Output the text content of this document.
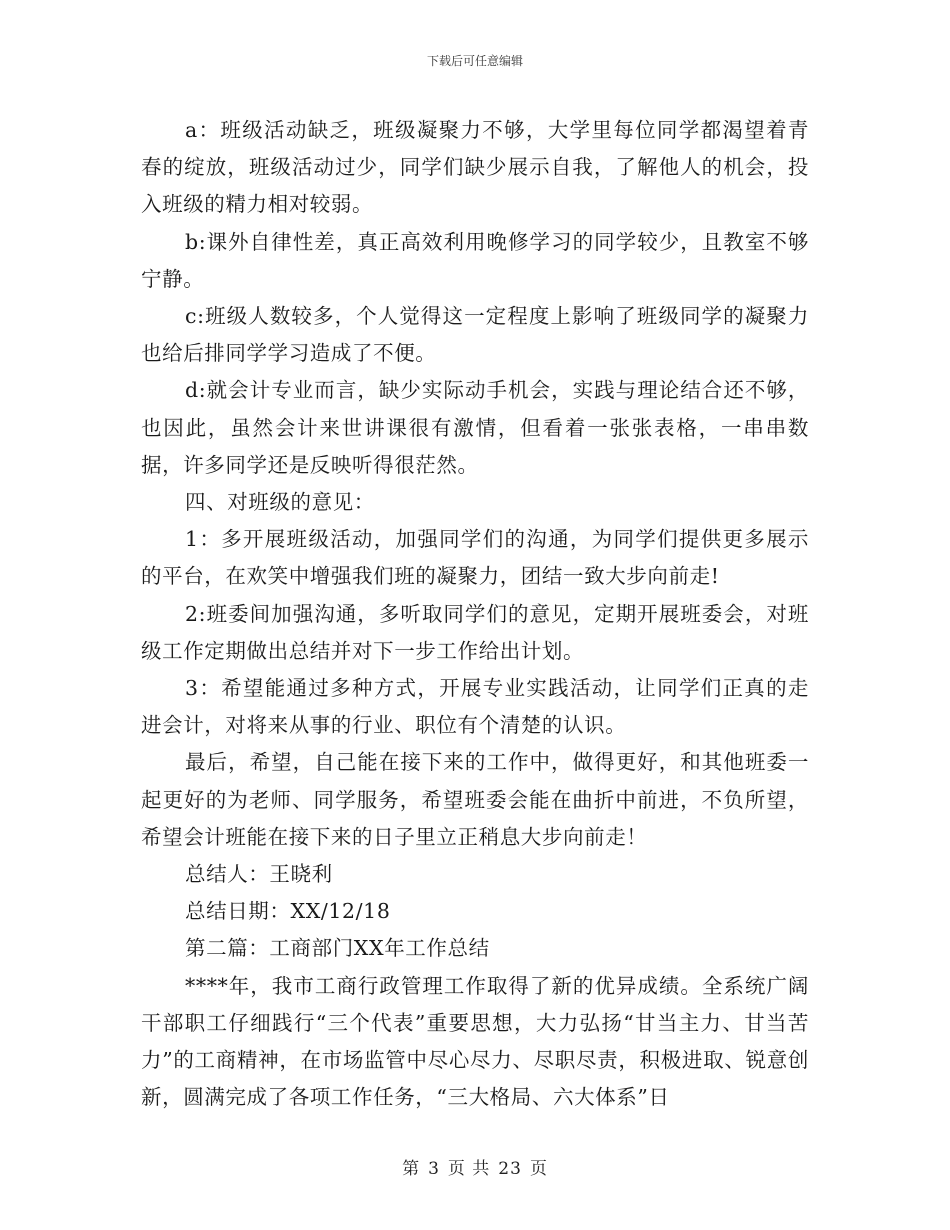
下载后可任意编辑

a：班级活动缺乏，班级凝聚力不够，大学里每位同学都渴望着青春的绽放，班级活动过少，同学们缺少展示自我，了解他人的机会，投入班级的精力相对较弱。

b:课外自律性差，真正高效利用晚修学习的同学较少，且教室不够宁静。

c:班级人数较多，个人觉得这一定程度上影响了班级同学的凝聚力也给后排同学学习造成了不便。

d:就会计专业而言，缺少实际动手机会，实践与理论结合还不够，也因此，虽然会计来世讲课很有激情，但看着一张张表格，一串串数据，许多同学还是反映听得很茫然。

四、对班级的意见：

1：多开展班级活动，加强同学们的沟通，为同学们提供更多展示的平台，在欢笑中增强我们班的凝聚力，团结一致大步向前走!

2:班委间加强沟通，多听取同学们的意见，定期开展班委会，对班级工作定期做出总结并对下一步工作给出计划。

3：希望能通过多种方式，开展专业实践活动，让同学们正真的走进会计，对将来从事的行业、职位有个清楚的认识。

最后，希望，自己能在接下来的工作中，做得更好，和其他班委一起更好的为老师、同学服务，希望班委会能在曲折中前进，不负所望，希望会计班能在接下来的日子里立正稍息大步向前走！

总结人：王晓利

总结日期：XX/12/18

第二篇：工商部门XX年工作总结

****年，我市工商行政管理工作取得了新的优异成绩。全系统广阔干部职工仔细践行“三个代表”重要思想，大力弘扬“甘当主力、甘当苦力”的工商精神，在市场监管中尽心尽力、尽职尽责，积极进取、锐意创新，圆满完成了各项工作任务，“三大格局、六大体系”日

第 3 页 共 23 页
